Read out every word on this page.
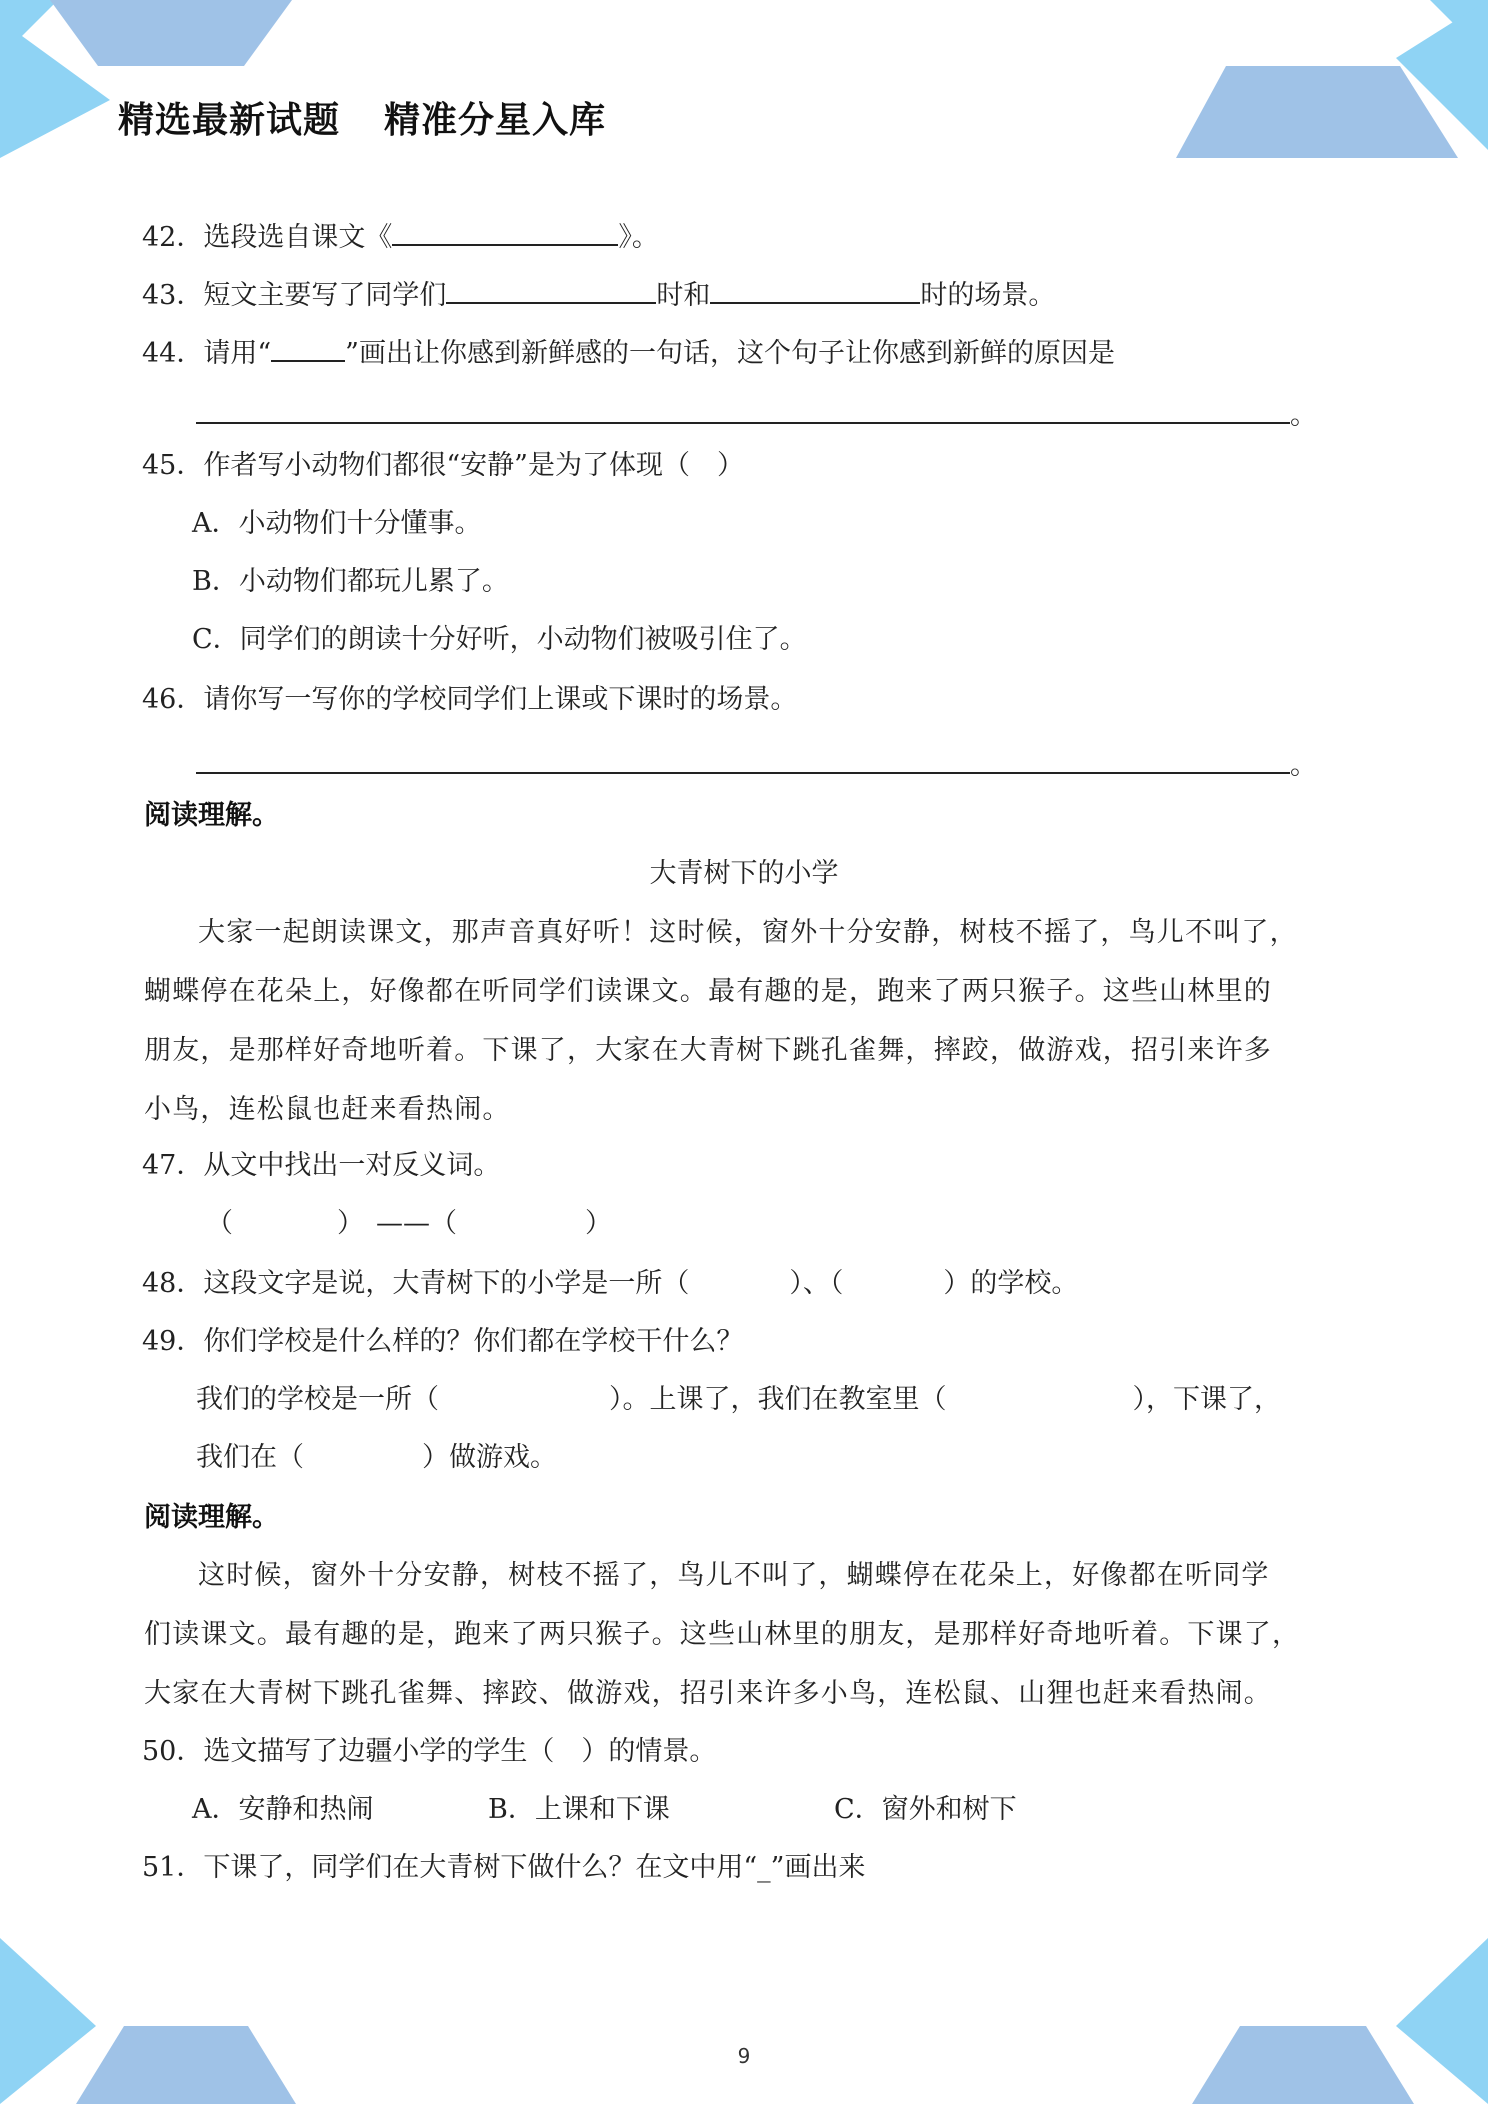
精选最新试题 精准分星入库
42．选段选自课文《	》。
43．短文主要写了同学们	时和	时的场景。
44．请用“	”画出让你感到新鲜感的一句话，这个句子让你感到新鲜的原因是
。
45．作者写小动物们都很“安静”是为了体现（　）
A．小动物们十分懂事。
B．小动物们都玩儿累了。
C．同学们的朗读十分好听，小动物们被吸引住了。
46．请你写一写你的学校同学们上课或下课时的场景。
。
阅读理解。
大青树下的小学

大家一起朗读课文，那声音真好听！这时候，窗外十分安静，树枝不摇了，鸟儿不叫了，

蝴蝶停在花朵上，好像都在听同学们读课文。最有趣的是，跑来了两只猴子。这些山林里的

朋友，是那样好奇地听着。下课了，大家在大青树下跳孔雀舞，摔跤，做游戏，招引来许多

小鸟，连松鼠也赶来看热闹。

47．从文中找出一对反义词。
（	） ——（	）
48．这段文字是说，大青树下的小学是一所（	）、（	）的学校。
49．你们学校是什么样的？你们都在学校干什么？
我们的学校是一所（	）。上课了，我们在教室里（	），下课了，
我们在（	）做游戏。
阅读理解。

这时候，窗外十分安静，树枝不摇了，鸟儿不叫了，蝴蝶停在花朵上，好像都在听同学

们读课文。最有趣的是，跑来了两只猴子。这些山林里的朋友，是那样好奇地听着。下课了，

大家在大青树下跳孔雀舞、摔跤、做游戏，招引来许多小鸟，连松鼠、山狸也赶来看热闹。

50．选文描写了边疆小学的学生（　）的情景。
A．安静和热闹	B．上课和下课	C．窗外和树下
51．下课了，同学们在大青树下做什么？在文中用“_”画出来
9
